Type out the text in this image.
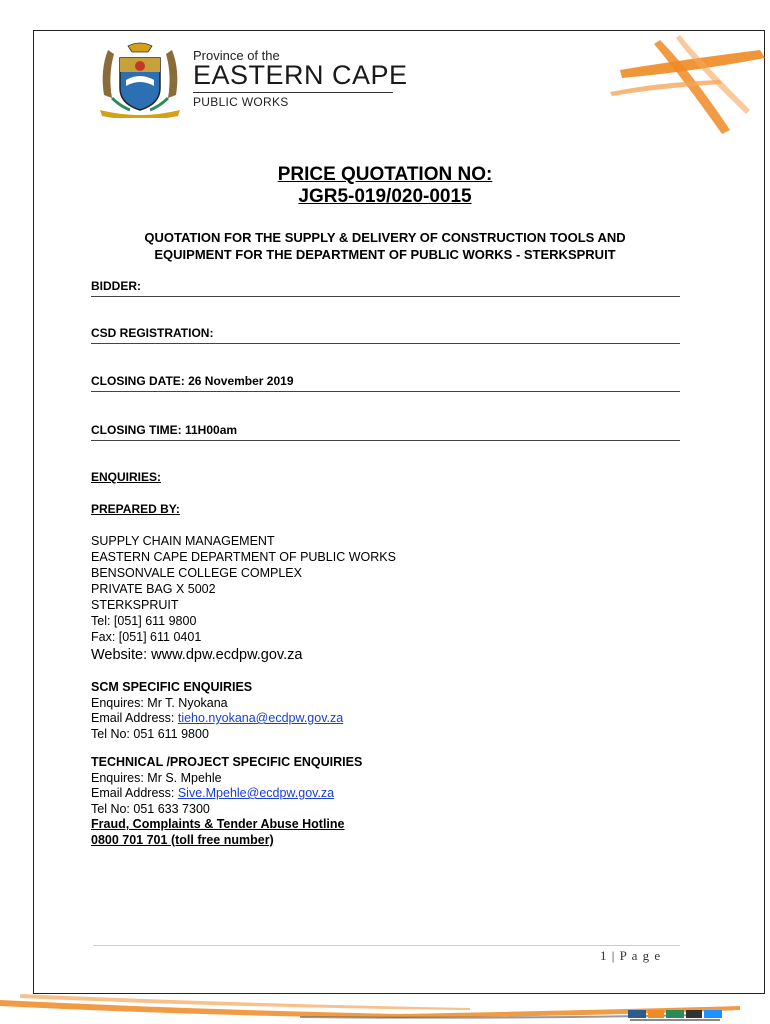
Province of the
EASTERN CAPE
PUBLIC WORKS
PRICE QUOTATION NO:
JGR5-019/020-0015
QUOTATION FOR THE SUPPLY & DELIVERY OF CONSTRUCTION TOOLS AND
EQUIPMENT FOR THE DEPARTMENT OF PUBLIC WORKS - STERKSPRUIT
BIDDER:
CSD REGISTRATION:
CLOSING DATE: 26 November 2019
CLOSING TIME: 11H00am
ENQUIRIES:
PREPARED BY:
SUPPLY CHAIN MANAGEMENT
EASTERN CAPE DEPARTMENT OF PUBLIC WORKS
BENSONVALE COLLEGE COMPLEX
PRIVATE BAG X 5002
STERKSPRUIT
Tel: [051] 611 9800
Fax: [051] 611 0401
Website: www.dpw.ecdpw.gov.za
SCM SPECIFIC ENQUIRIES
Enquires: Mr T. Nyokana
Email Address: tieho.nyokana@ecdpw.gov.za
Tel No: 051 611 9800
TECHNICAL /PROJECT SPECIFIC ENQUIRIES
Enquires: Mr S. Mpehle
Email Address: Sive.Mpehle@ecdpw.gov.za
Tel No: 051 633 7300
Fraud, Complaints & Tender Abuse Hotline
0800 701 701 (toll free number)
1 | P a g e
